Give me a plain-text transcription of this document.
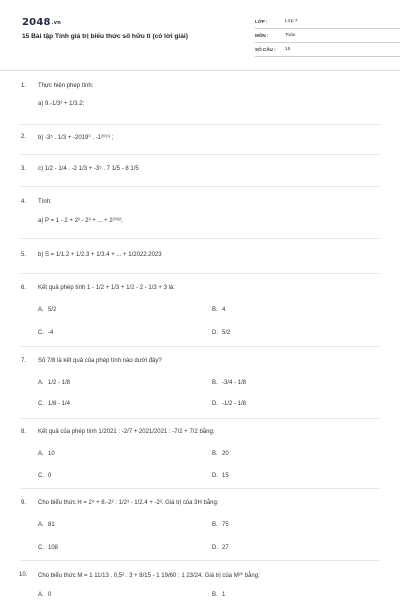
2048.vn
15 Bài tập Tính giá trị biểu thức số hữu tỉ (có lời giải)
LỚP :	Lớp 7
MÔN :	Toán
SỐ CÂU : 15
1. Thực hiện phép tính:
a) 9.-1/3³ + 1/3.2;
2. b) -3⁵ . 1/3 + -2019⁰ . -1²⁰¹⁹ ;
3. c) 1/2 - 1/4 . -2 1/3 + -3⁵ . 7 1/5 - 8 1/5
4. Tính:
a) P = 1 - 2 + 2² - 2³ + ... + 2²⁰²²;
5. b) S = 1/1.2 + 1/2.3 + 1/3.4 + ... + 1/2022.2023
6. Kết quả phép tính 1 - 1/2 + 1/3 + 1/2 - 2 - 1/3 + 3 là:
A. 5/2	B. 4
C. -4	D. 5/2
7. Số 7/8 là kết quả của phép tính nào dưới đây?
A. 1/2 - 1/8	B. -3/4 - 1/8
C. 1/8 - 1/4	D. -1/2 - 1/8
8. Kết quả của phép tính 1/2021 : -2/7 + 2021/2021 : -7/2 + 7/2 bằng:
A. 10	B. 20
C. 0	D. 15
9. Cho biểu thức H = 2⁴ + 8.-2² : 1/2³ - 1/2.4 + -2². Giá trị của 3H bằng:
A. 81	B. 75
C. 108	D. 27
10. Cho biểu thức M = 1 11/13 . 0,5² . 3 + 8/15 - 1 19/60 : 1 23/24. Giá trị của M²⁰ bằng:
A. 0	B. 1
